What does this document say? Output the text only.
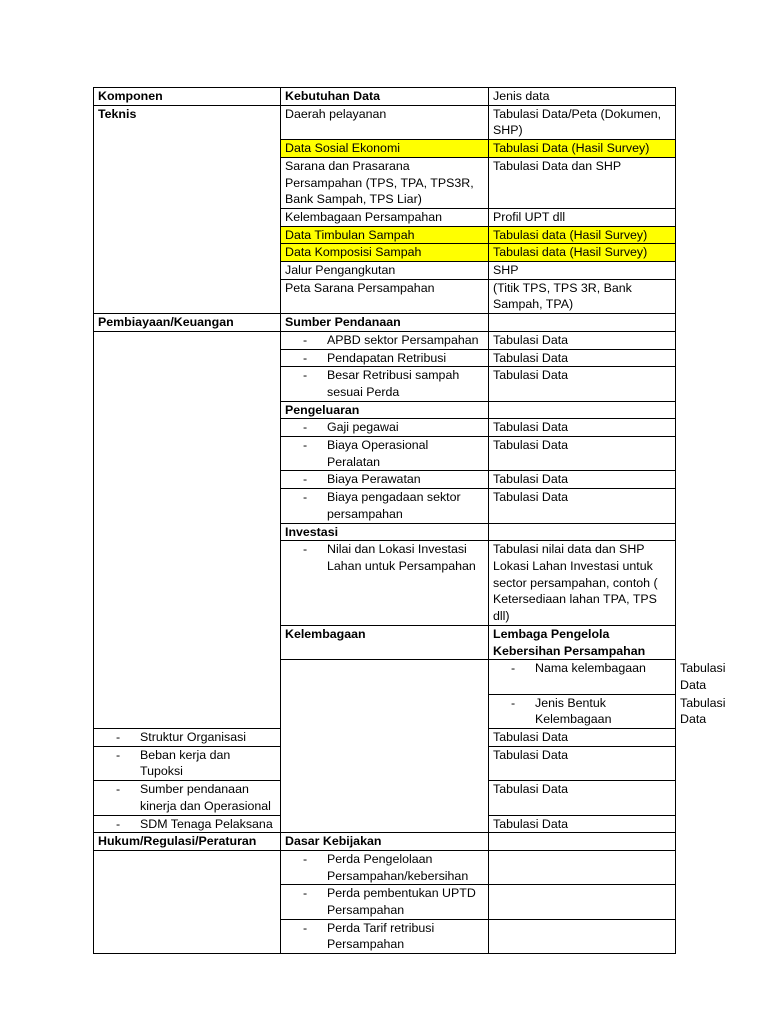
Komponen	Kebutuhan Data	Jenis data	
Teknis	Daerah pelayanan	Tabulasi Data/Peta (Dokumen, SHP)	
	Data Sosial Ekonomi	Tabulasi Data (Hasil Survey)	
	Sarana dan Prasarana Persampahan (TPS, TPA, TPS3R, Bank Sampah, TPS Liar)	Tabulasi Data dan SHP	
	Kelembagaan Persampahan	Profil UPT dll	
	Data Timbulan Sampah	Tabulasi data (Hasil Survey)	
	Data Komposisi Sampah	Tabulasi data (Hasil Survey)	
	Jalur Pengangkutan	SHP	
	Peta Sarana Persampahan	(Titik TPS, TPS 3R, Bank Sampah, TPA)	
Pembiayaan/Keuangan	Sumber Pendanaan		

	- APBD sektor Persampahan	Tabulasi Data	

	- Pendapatan Retribusi	Tabulasi Data	

	- Besar Retribusi sampah sesuai Perda	Tabulasi Data	
	Pengeluaran		

	- Gaji pegawai	Tabulasi Data	

	- Biaya Operasional Peralatan	Tabulasi Data	

	- Biaya Perawatan	Tabulasi Data	

	- Biaya pengadaan sektor persampahan	Tabulasi Data	
	Investasi		

	- Nilai dan Lokasi Investasi Lahan untuk Persampahan	Tabulasi nilai data dan SHP Lokasi Lahan Investasi untuk sector persampahan, contoh ( Ketersediaan lahan TPA, TPS dll)	
	Kelembagaan	Lembaga Pengelola Kebersihan Persampahan	

		- Nama kelembagaan	Tabulasi Data

		- Jenis Bentuk Kelembagaan	Tabulasi Data

- Struktur Organisasi		Tabulasi Data	

- Beban kerja dan Tupoksi		Tabulasi Data	

- Sumber pendanaan kinerja dan Operasional		Tabulasi Data	

- SDM Tenaga Pelaksana		Tabulasi Data	
Hukum/Regulasi/Peraturan	Dasar Kebijakan		

	- Perda Pengelolaan Persampahan/kebersihan		

	- Perda pembentukan UPTD Persampahan		

	- Perda Tarif retribusi Persampahan		
